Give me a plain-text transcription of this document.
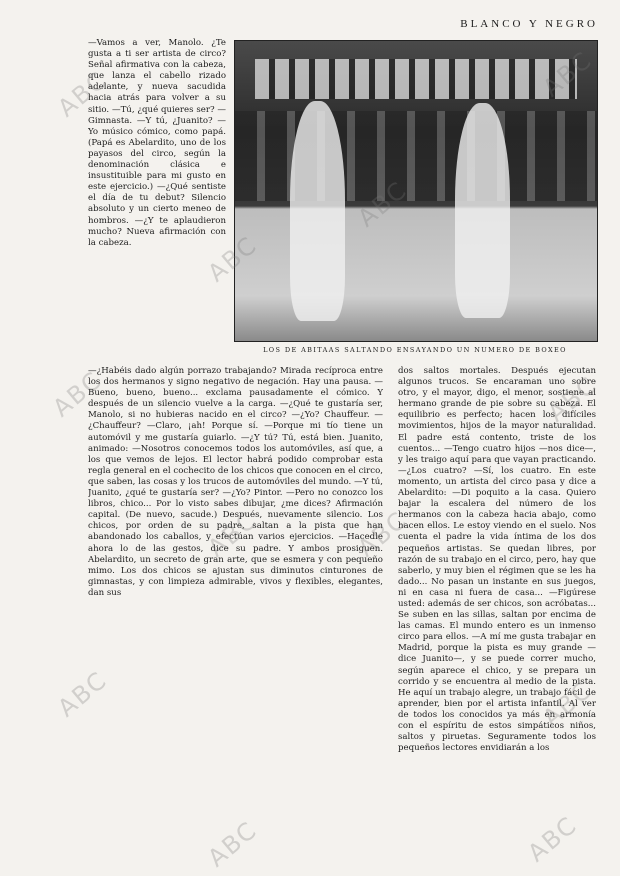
BLANCO Y NEGRO

—Vamos a ver, Manolo. ¿Te gusta a ti ser artista de circo? Señal afirmativa con la cabeza, que lanza el cabello rizado adelante, y nueva sacudida hacia atrás para volver a su sitio. —Tú, ¿qué quieres ser? —Gimnasta. —Y tú, ¿Juanito? —Yo músico cómico, como papá. (Papá es Abelardito, uno de los payasos del circo, según la denominación clásica e insustituible para mi gusto en este ejercicio.) —¿Qué sentiste el día de tu debut? Silencio absoluto y un cierto meneo de hombros. —¿Y te aplaudieron mucho? Nueva afirmación con la cabeza.

LOS DE ABITAAS SALTANDO ENSAYANDO UN NUMERO DE BOXEO

—¿Habéis dado algún porrazo trabajando? Mirada recíproca entre los dos hermanos y signo negativo de negación. Hay una pausa. —Bueno, bueno, bueno... exclama pausadamente el cómico. Y después de un silencio vuelve a la carga. —¿Qué te gustaría ser, Manolo, si no hubieras nacido en el circo? —¿Yo? Chauffeur. —¿Chauffeur? —Claro, ¡ah! Porque sí. —Porque mi tío tiene un automóvil y me gustaría guiarlo. —¿Y tú? Tú, está bien. Juanito, animado: —Nosotros conocemos todos los automóviles, así que, a los que vemos de lejos. El lector habrá podido comprobar esta regla general en el cochecito de los chicos que conocen en el circo, que saben, las cosas y los trucos de automóviles del mundo. —Y tú, Juanito, ¿qué te gustaría ser? —¿Yo? Pintor. —Pero no conozco los libros, chico... Por lo visto sabes dibujar, ¿me dices? Afirmación capital. (De nuevo, sacude.) Después, nuevamente silencio. Los chicos, por orden de su padre, saltan a la pista que han abandonado los caballos, y efectúan varios ejercicios. —Hacedle ahora lo de las gestos, dice su padre. Y ambos prosiguen. Abelardito, un secreto de gran arte, que se esmera y con pequeño mimo. Los dos chicos se ajustan sus diminutos cinturones de gimnastas, y con limpieza admirable, vivos y flexibles, elegantes, dan sus

dos saltos mortales. Después ejecutan algunos trucos. Se encaraman uno sobre otro, y el mayor, digo, el menor, sostiene al hermano grande de pie sobre su cabeza. El equilibrio es perfecto; hacen los difíciles movimientos, hijos de la mayor naturalidad. El padre está contento, triste de los cuentos... —Tengo cuatro hijos —nos dice—, y les traigo aquí para que vayan practicando. —¿Los cuatro? —Sí, los cuatro. En este momento, un artista del circo pasa y dice a Abelardito: —Di poquito a la casa. Quiero bajar la escalera del número de los hermanos con la cabeza hacia abajo, como hacen ellos. Le estoy viendo en el suelo. Nos cuenta el padre la vida íntima de los dos pequeños artistas. Se quedan libres, por razón de su trabajo en el circo, pero, hay que saberlo, y muy bien el régimen que se les ha dado... No pasan un instante en sus juegos, ni en casa ni fuera de casa... —Figúrese usted: además de ser chicos, son acróbatas... Se suben en las sillas, saltan por encima de las camas. El mundo entero es un inmenso circo para ellos. —A mí me gusta trabajar en Madrid, porque la pista es muy grande —dice Juanito—, y se puede correr mucho, según aparece el chico, y se prepara un corrido y se encuentra al medio de la pista. He aquí un trabajo alegre, un trabajo fácil de aprender, bien por el artista infantil. Al ver de todos los conocidos ya más en armonía con el espíritu de estos simpáticos niños, saltos y piruetas. Seguramente todos los pequeños lectores envidiarán a los

ABC
ABC
ABC
ABC
ABC
ABC
ABC
ABC
ABC
ABC
ABC
ABC
